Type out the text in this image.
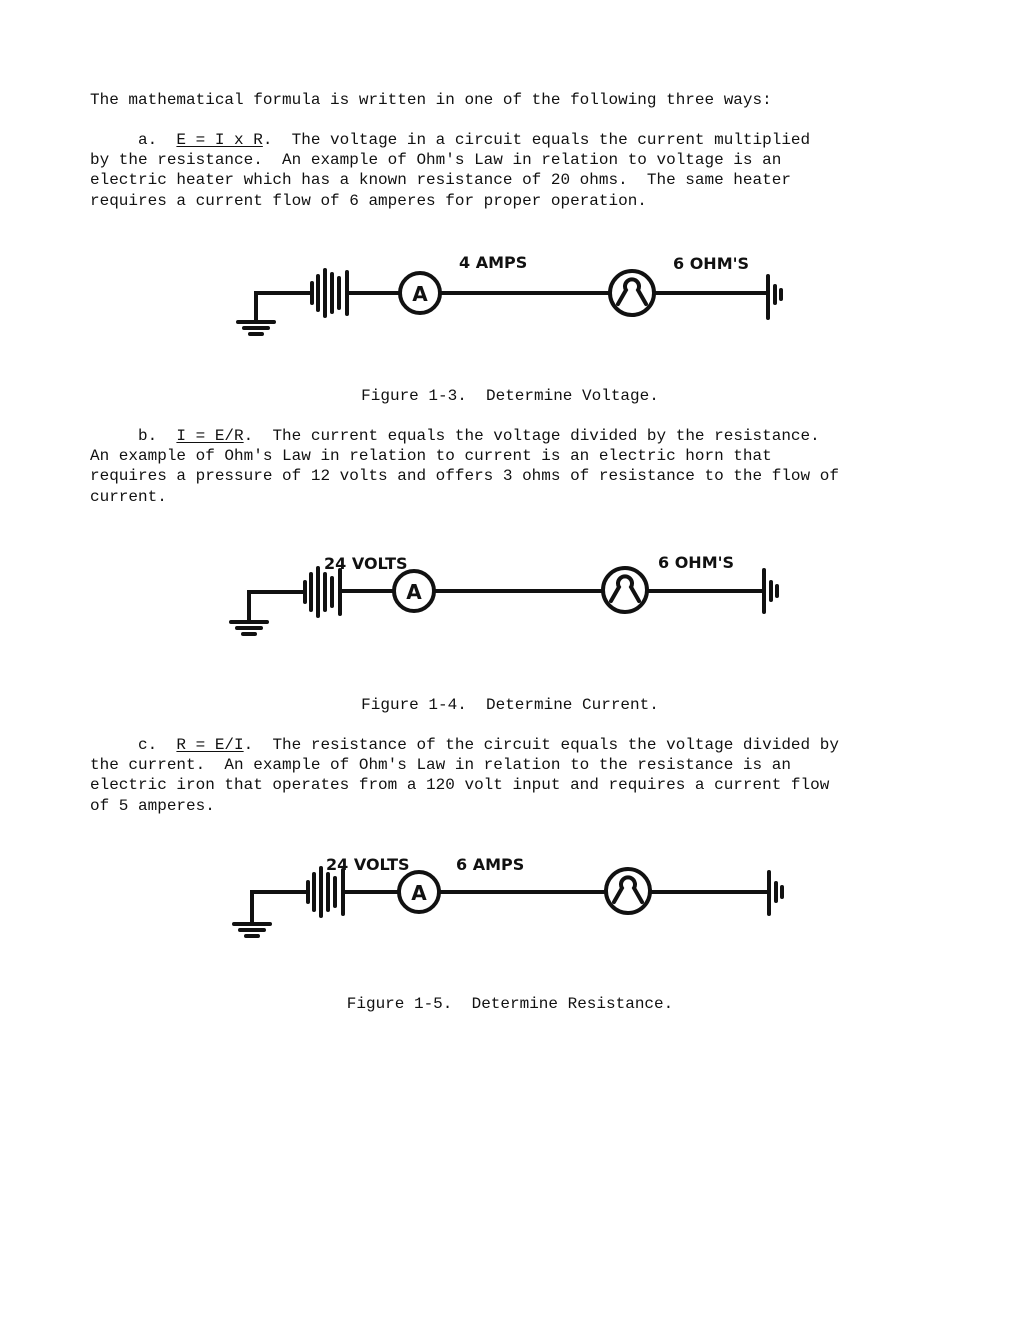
The mathematical formula is written in one of the following three ways:
a. E = I x R.  The voltage in a circuit equals the current multiplied
by the resistance.  An example of Ohm's Law in relation to voltage is an
electric heater which has a known resistance of 20 ohms.  The same heater
requires a current flow of 6 amperes for proper operation.
A
4 AMPS	6 OHM'S
Figure 1-3.  Determine Voltage.
b. I = E/R.  The current equals the voltage divided by the resistance.
An example of Ohm's Law in relation to current is an electric horn that
requires a pressure of 12 volts and offers 3 ohms of resistance to the flow of
current.
A
24 VOLTS	6 OHM'S
Figure 1-4.  Determine Current.
c. R = E/I.  The resistance of the circuit equals the voltage divided by
the current.  An example of Ohm's Law in relation to the resistance is an
electric iron that operates from a 120 volt input and requires a current flow
of 5 amperes.
A
24 VOLTS	6 AMPS
Figure 1-5.  Determine Resistance.
